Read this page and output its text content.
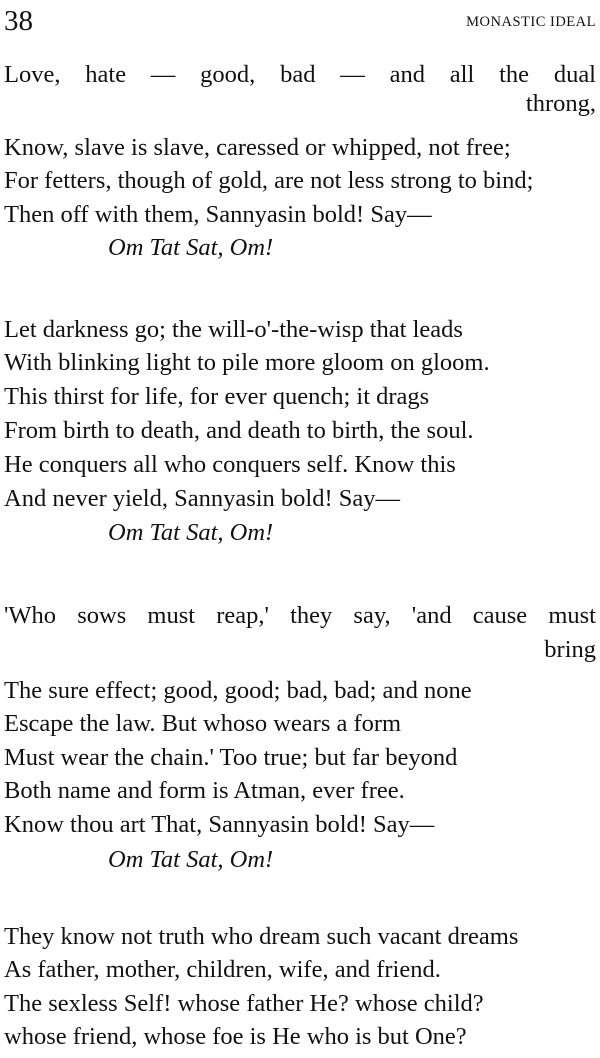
38	MONASTIC IDEAL
Love, hate — good, bad — and all the dual
throng,
Know, slave is slave, caressed or whipped, not free;
For fetters, though of gold, are not less strong to bind;
Then off with them, Sannyasin bold! Say—
Om Tat Sat, Om!
Let darkness go; the will-o'-the-wisp that leads
With blinking light to pile more gloom on gloom.
This thirst for life, for ever quench; it drags
From birth to death, and death to birth, the soul.
He conquers all who conquers self. Know this
And never yield, Sannyasin bold! Say—
Om Tat Sat, Om!
'Who sows must reap,' they say, 'and cause must
bring
The sure effect; good, good; bad, bad; and none
Escape the law. But whoso wears a form
Must wear the chain.' Too true; but far beyond
Both name and form is Atman, ever free.
Know thou art That, Sannyasin bold! Say—
Om Tat Sat, Om!
They know not truth who dream such vacant dreams
As father, mother, children, wife, and friend.
The sexless Self! whose father He? whose child?
whose friend, whose foe is He who is but One?
